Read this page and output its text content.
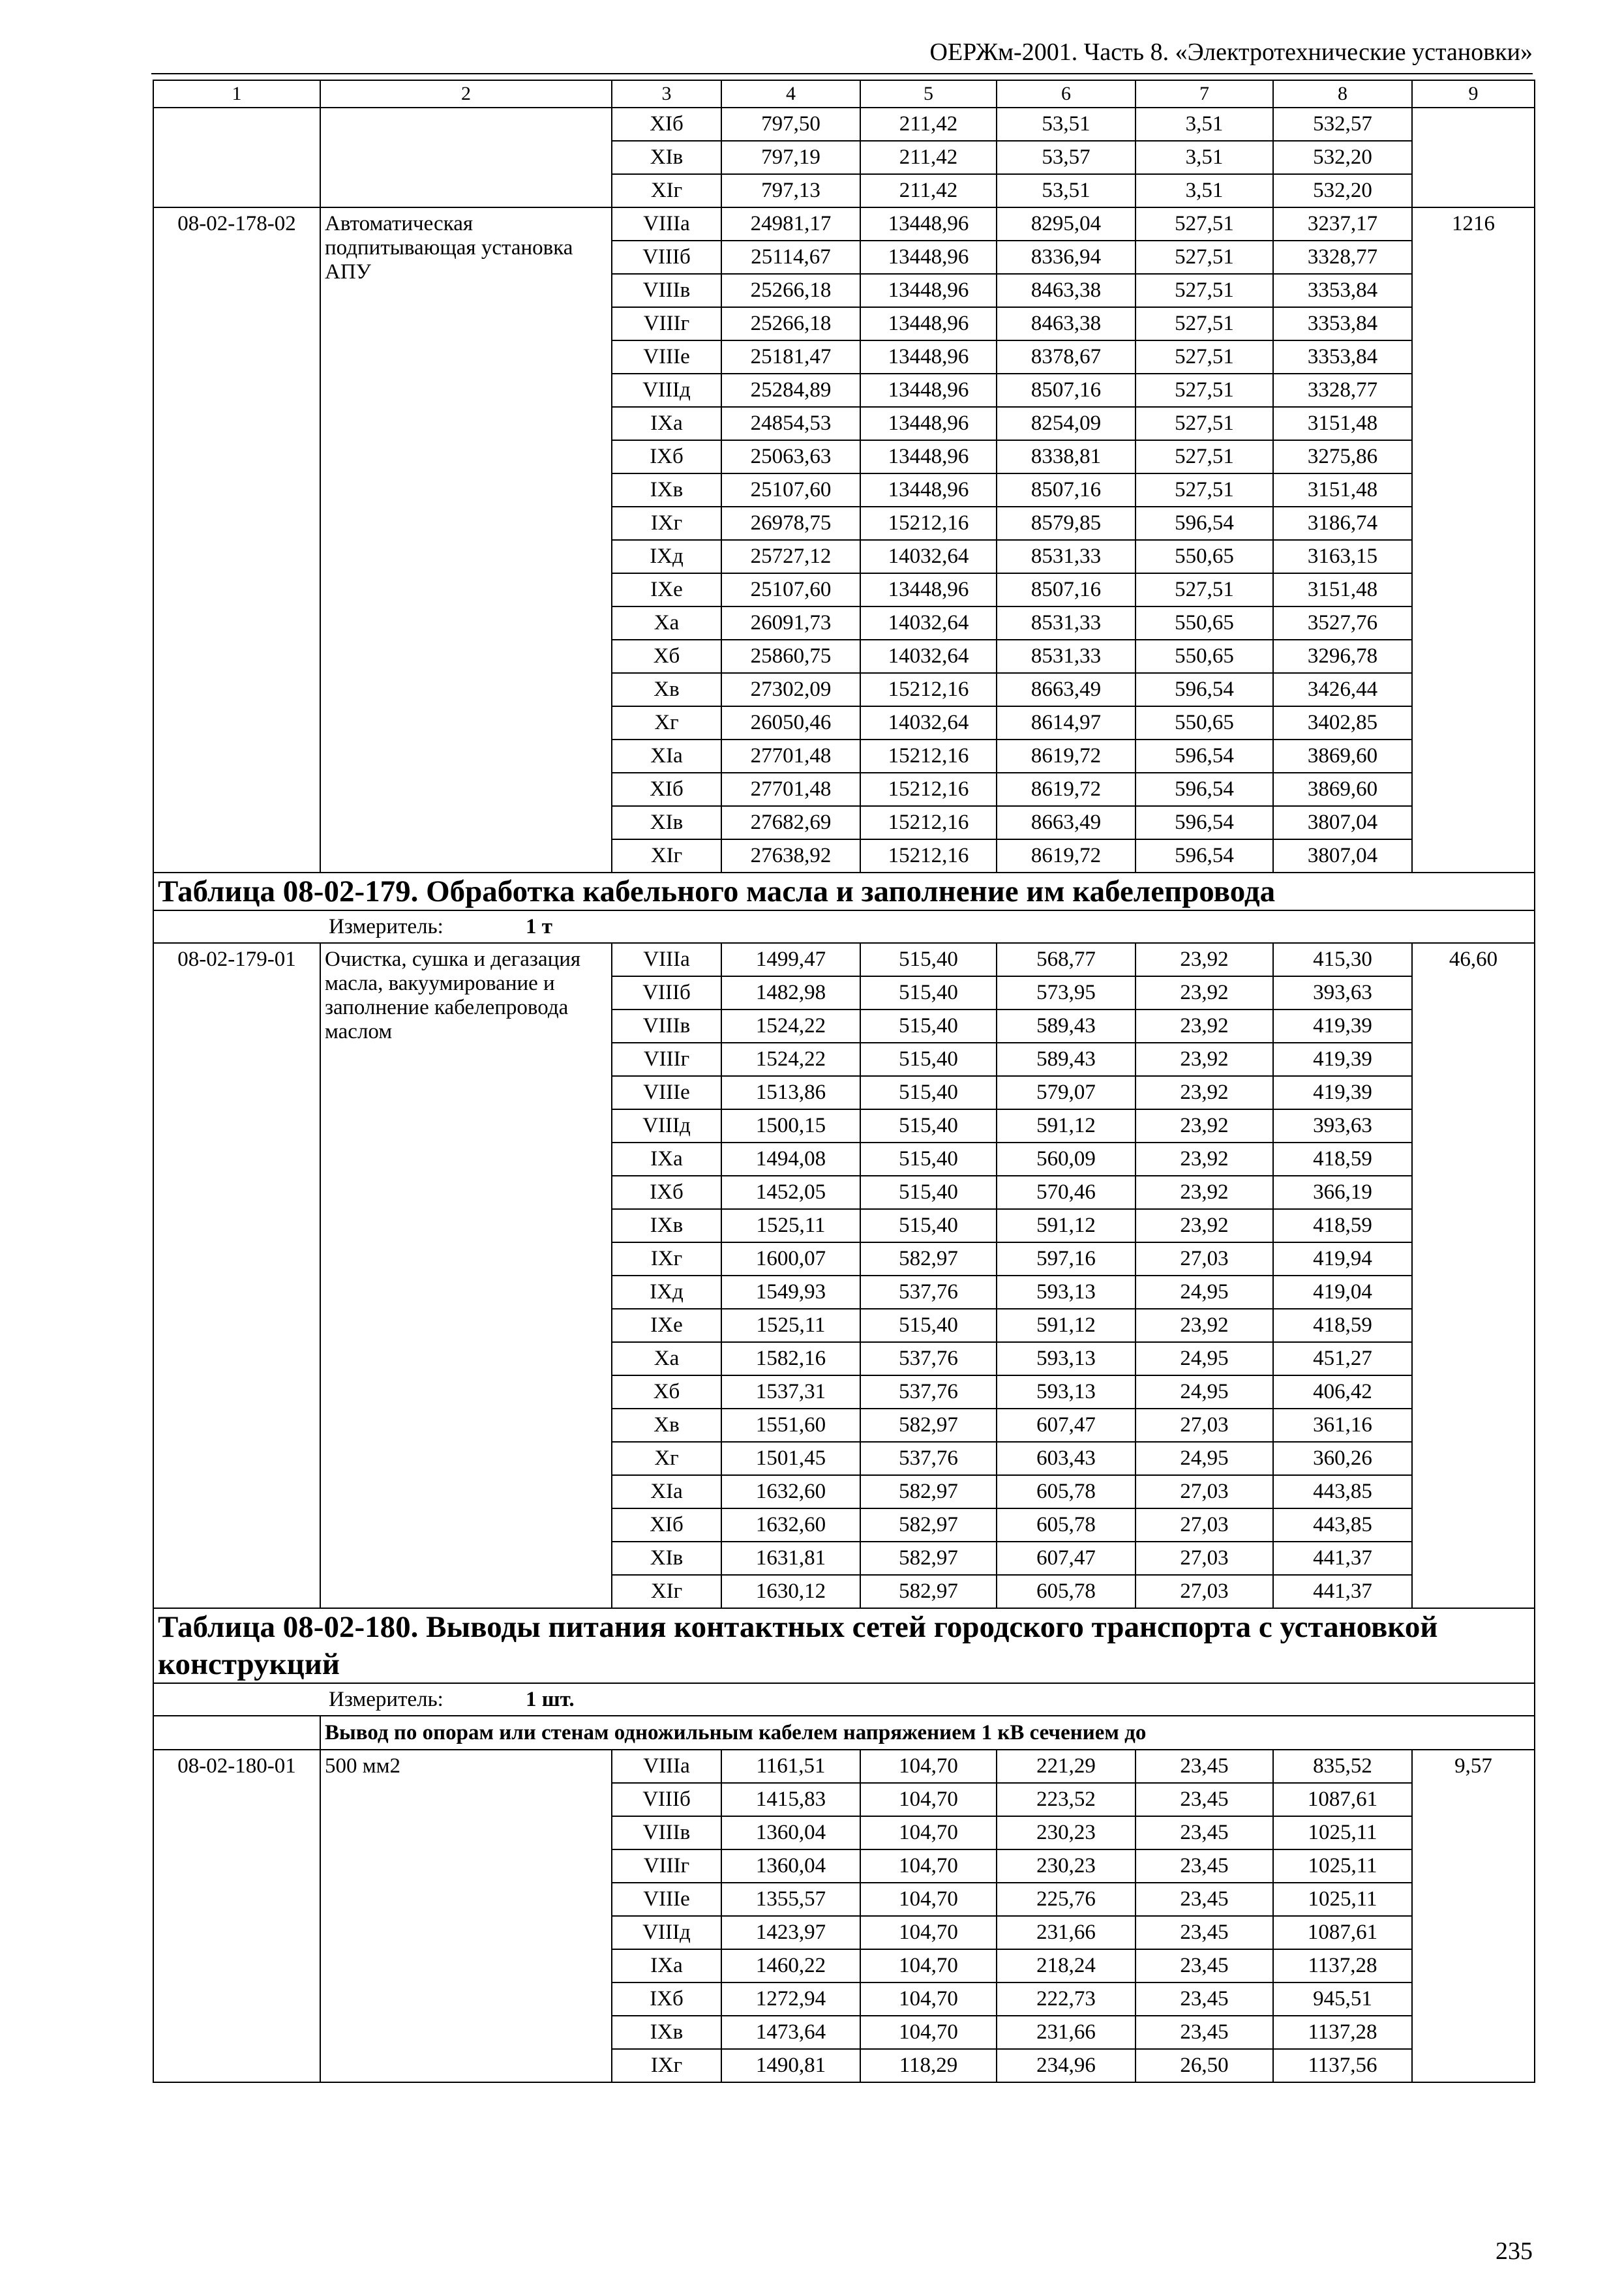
ОЕРЖм-2001. Часть 8. «Электротехнические установки»
1	2	3	4	5	6	7	8	9
		XIб	797,50	211,42	53,51	3,51	532,57	
		XIв	797,19	211,42	53,57	3,51	532,20	
		XIг	797,13	211,42	53,51	3,51	532,20	
08-02-178-02	Автоматическая подпитывающая установка АПУ	VIIIа	24981,17	13448,96	8295,04	527,51	3237,17	1216
		VIIIб	25114,67	13448,96	8336,94	527,51	3328,77	
		VIIIв	25266,18	13448,96	8463,38	527,51	3353,84	
		VIIIг	25266,18	13448,96	8463,38	527,51	3353,84	
		VIIIе	25181,47	13448,96	8378,67	527,51	3353,84	
		VIIIд	25284,89	13448,96	8507,16	527,51	3328,77	
		IXа	24854,53	13448,96	8254,09	527,51	3151,48	
		IXб	25063,63	13448,96	8338,81	527,51	3275,86	
		IXв	25107,60	13448,96	8507,16	527,51	3151,48	
		IXг	26978,75	15212,16	8579,85	596,54	3186,74	
		IXд	25727,12	14032,64	8531,33	550,65	3163,15	
		IXе	25107,60	13448,96	8507,16	527,51	3151,48	
		Xа	26091,73	14032,64	8531,33	550,65	3527,76	
		Xб	25860,75	14032,64	8531,33	550,65	3296,78	
		Xв	27302,09	15212,16	8663,49	596,54	3426,44	
		Xг	26050,46	14032,64	8614,97	550,65	3402,85	
		XIа	27701,48	15212,16	8619,72	596,54	3869,60	
		XIб	27701,48	15212,16	8619,72	596,54	3869,60	
		XIв	27682,69	15212,16	8663,49	596,54	3807,04	
		XIг	27638,92	15212,16	8619,72	596,54	3807,04	
Таблица 08-02-179. Обработка кабельного масла и заполнение им кабелепровода								
Измеритель: 1 т								
08-02-179-01	Очистка, сушка и дегазация масла, вакуумирование и заполнение кабелепровода маслом	VIIIа	1499,47	515,40	568,77	23,92	415,30	46,60
		VIIIб	1482,98	515,40	573,95	23,92	393,63	
		VIIIв	1524,22	515,40	589,43	23,92	419,39	
		VIIIг	1524,22	515,40	589,43	23,92	419,39	
		VIIIе	1513,86	515,40	579,07	23,92	419,39	
		VIIIд	1500,15	515,40	591,12	23,92	393,63	
		IXа	1494,08	515,40	560,09	23,92	418,59	
		IXб	1452,05	515,40	570,46	23,92	366,19	
		IXв	1525,11	515,40	591,12	23,92	418,59	
		IXг	1600,07	582,97	597,16	27,03	419,94	
		IXд	1549,93	537,76	593,13	24,95	419,04	
		IXе	1525,11	515,40	591,12	23,92	418,59	
		Xа	1582,16	537,76	593,13	24,95	451,27	
		Xб	1537,31	537,76	593,13	24,95	406,42	
		Xв	1551,60	582,97	607,47	27,03	361,16	
		Xг	1501,45	537,76	603,43	24,95	360,26	
		XIа	1632,60	582,97	605,78	27,03	443,85	
		XIб	1632,60	582,97	605,78	27,03	443,85	
		XIв	1631,81	582,97	607,47	27,03	441,37	
		XIг	1630,12	582,97	605,78	27,03	441,37	
Таблица 08-02-180. Выводы питания контактных сетей городского транспорта с установкой конструкций								
Измеритель: 1 шт.								
	Вывод по опорам или стенам одножильным кабелем напряжением 1 кВ сечением до							
08-02-180-01	500 мм2	VIIIа	1161,51	104,70	221,29	23,45	835,52	9,57
		VIIIб	1415,83	104,70	223,52	23,45	1087,61	
		VIIIв	1360,04	104,70	230,23	23,45	1025,11	
		VIIIг	1360,04	104,70	230,23	23,45	1025,11	
		VIIIе	1355,57	104,70	225,76	23,45	1025,11	
		VIIIд	1423,97	104,70	231,66	23,45	1087,61	
		IXа	1460,22	104,70	218,24	23,45	1137,28	
		IXб	1272,94	104,70	222,73	23,45	945,51	
		IXв	1473,64	104,70	231,66	23,45	1137,28	
		IXг	1490,81	118,29	234,96	26,50	1137,56	
235
